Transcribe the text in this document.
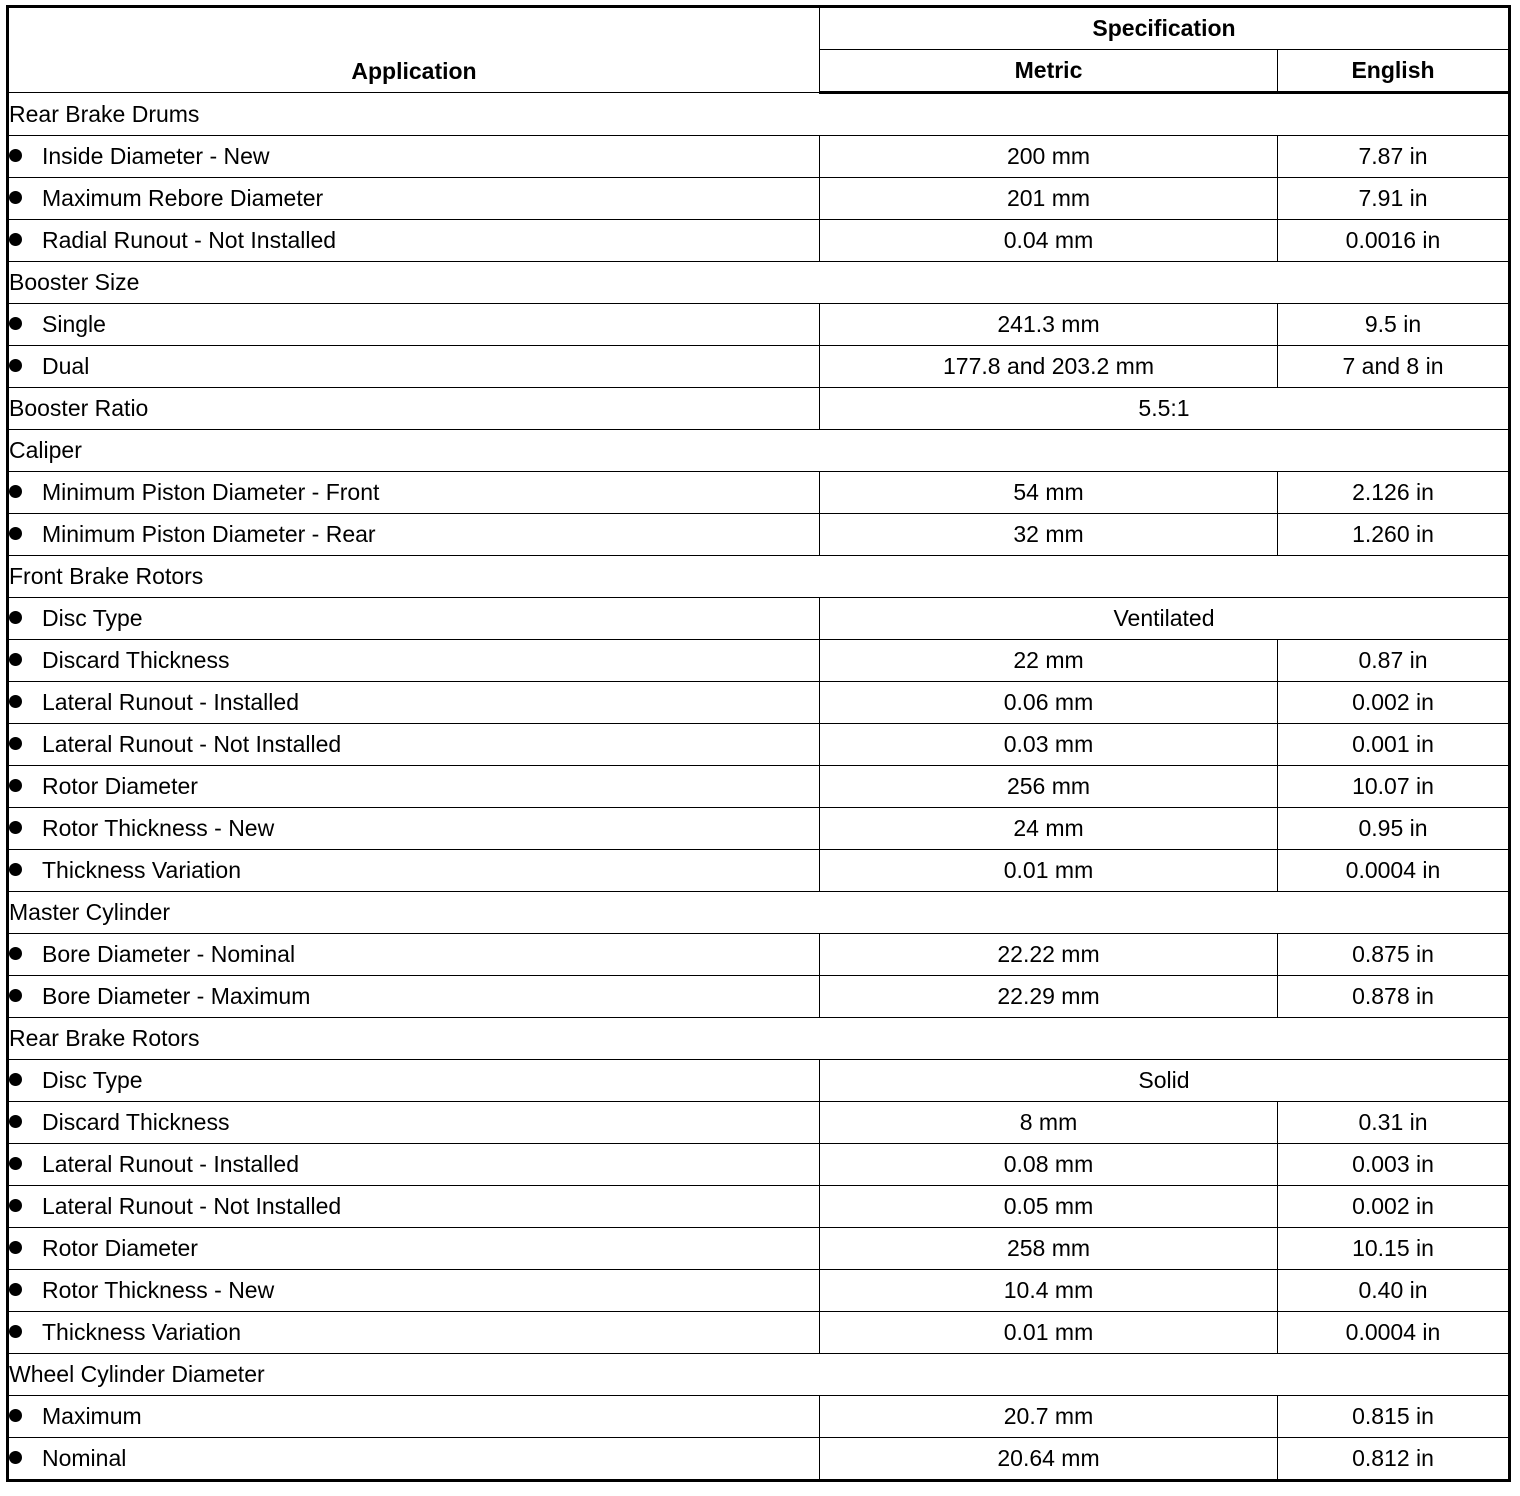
Application	Specification	
	Metric	English
Rear Brake Drums		
Inside Diameter - New	200 mm	7.87 in
Maximum Rebore Diameter	201 mm	7.91 in
Radial Runout - Not Installed	0.04 mm	0.0016 in
Booster Size		
Single	241.3 mm	9.5 in
Dual	177.8 and 203.2 mm	7 and 8 in
Booster Ratio	5.5:1	
Caliper		
Minimum Piston Diameter - Front	54 mm	2.126 in
Minimum Piston Diameter - Rear	32 mm	1.260 in
Front Brake Rotors		
Disc Type	Ventilated	
Discard Thickness	22 mm	0.87 in
Lateral Runout - Installed	0.06 mm	0.002 in
Lateral Runout - Not Installed	0.03 mm	0.001 in
Rotor Diameter	256 mm	10.07 in
Rotor Thickness - New	24 mm	0.95 in
Thickness Variation	0.01 mm	0.0004 in
Master Cylinder		
Bore Diameter - Nominal	22.22 mm	0.875 in
Bore Diameter - Maximum	22.29 mm	0.878 in
Rear Brake Rotors		
Disc Type	Solid	
Discard Thickness	8 mm	0.31 in
Lateral Runout - Installed	0.08 mm	0.003 in
Lateral Runout - Not Installed	0.05 mm	0.002 in
Rotor Diameter	258 mm	10.15 in
Rotor Thickness - New	10.4 mm	0.40 in
Thickness Variation	0.01 mm	0.0004 in
Wheel Cylinder Diameter		
Maximum	20.7 mm	0.815 in
Nominal	20.64 mm	0.812 in
